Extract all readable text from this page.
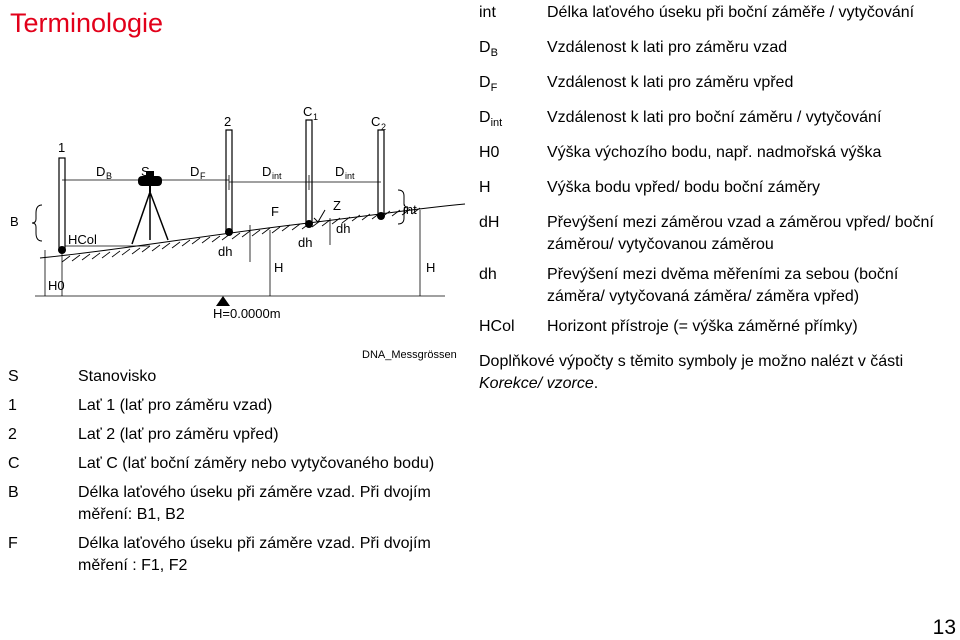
Terminologie
1
2
C 1	C 2
D B S	D F	D int	D int
B
HCol
H0
F
dh
dh
dh
Z	int
H	H
H=0.0000m
DNA_Messgrössen
S	Stanovisko
1	Lať 1 (lať pro záměru vzad)
2	Lať 2 (lať pro záměru vpřed)
C	Lať C (lať boční záměry nebo vytyčovaného bodu)
B	Délka laťového úseku při záměre vzad. Při dvojím měření: B1, B2
F	Délka laťového úseku při záměre vzad. Při dvojím měření : F1, F2
int	Délka laťového úseku při boční záměře / vytyčování
$D_B$	Vzdálenost k lati pro záměru vzad
$D_F$	Vzdálenost k lati pro záměru vpřed
$D_{int}$	Vzdálenost k lati pro boční záměru / vytyčování
H0	Výška výchozího bodu, např. nadmořská výška
H	Výška bodu vpřed/ bodu boční záměry
dH	Převýšení mezi záměrou vzad a záměrou vpřed/ boční záměrou/ vytyčovanou záměrou
dh	Převýšení mezi dvěma měřeními za sebou (boční záměra/ vytyčovaná záměra/ záměra vpřed)
HCol	Horizont přístroje (= výška záměrné přímky)
Doplňkové výpočty s těmito symboly je možno nalézt v části Korekce/ vzorce.
13
